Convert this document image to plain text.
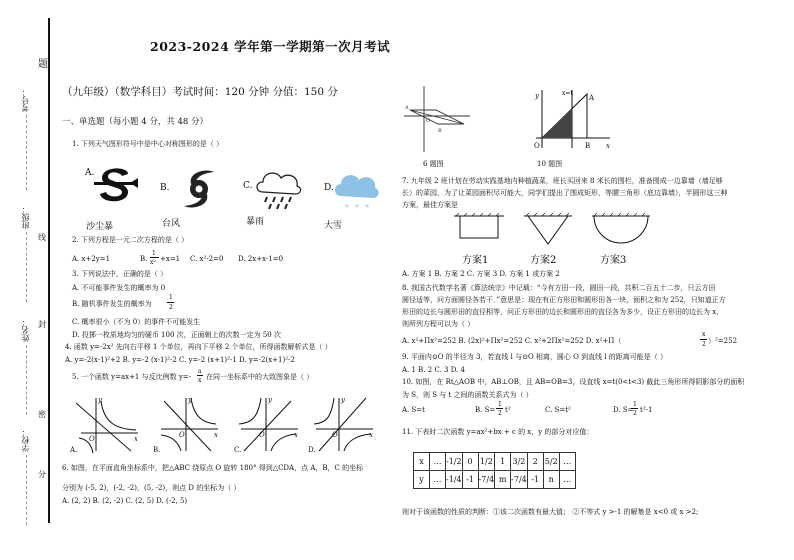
题
线
封
密
分
考号：
班级：
姓名：
学校：
2023-2024 学年第一学期第一次月考试
（九年级）（数学科目）考试时间：120 分钟 分值：150 分
一、单选题（每小题 4 分，共 48 分）
1. 下列天气图形符号中是中心对称图形的是（ ）
A.
沙尘暴
B.
台风
C.
暴雨
D.
* * *
大雪
2. 下列方程是一元二次方程的是（ ）
A. x+2y=1	B.
1
x² +x=1 C. x²-2=0 D. 2x+x-1=0
3. 下列说法中，正确的是（ ）
A. 不可能事件发生的概率为 0
B. 随机事件发生的概率为
1
2
C. 概率很小（不为 0）的事件不可能发生
D. 投掷一枚质地均匀的硬币 100 次，正面朝上的次数一定为 50 次
4. 函数 y=-2x² 先向右平移 1 个单位，再向下平移 2 个单位，所得函数解析式是（ ）
A. y=-2(x-1)²+2 B. y=-2 (x-1)²-2 C. y=-2 (x+1)²-1 D. y=-2(x+1)²-2
5. 一个函数 y=ax+1 与反比例数 y=-
a
x 在同一坐标系中的大致图象是（ ）
y
x
O
y
x
O
y
x
O
y
x
O
A.	B.	C.	D.
6. 如图，在平面直角坐标系中，把△ABC 绕原点 O 旋转 180° 得到△CDA，点 A，B，C 的坐标
分别为 (-5, 2)，(-2, -2)，(5, -2)，则点 D 的坐标为（ ）
A. (2, 2) B. (2, -2) C. (2, 5) D. (-2, 5)
A
B
O
6 题图
y
x
O	B
A
x=t
10 题图
7. 九年级 2 班计划在劳动实践基地内种植蔬菜，班长买回来 8 米长的围栏，准备围成一边靠墙（墙足够
长）的菜园，为了让菜园面积尽可能大，同学们提出了围成矩形，等腰三角形（底边靠墙），半圆形这三种
方案，最佳方案是
方案1	方案2	方案3
A. 方案 1 B. 方案 2 C. 方案 3 D. 方案 1 或方案 2
8. 我国古代数学名著《算法统宗》中记载：“今有方田一段，圆田一段，共积二百五十二步，只云方田
圆径适等，问方面圆径各若干．”意思是：现在有正方形田和圆形田各一块，面积之和为 252，只知道正方
形田的边长与圆形田的直径相等，问正方形田的边长和圆形田的直径各为多少，设正方形田的边长为 x，
则所列方程可以为（ ）
A. x²+Πx²=252 B. (2x)²+Πx²=252 C. x²+2Πx²=252 D. x²+Π（
x
2 ）²=252
9. 平面内⊙O 的半径为 3，若直线 l 与⊙O 相离，圆心 O 到直线 l 的距离可能是（ ）
A. 1 B. 2 C. 3 D. 4
10. 如图，在 Rt△AOB 中，AB⊥OB，且 AB=OB=3，设直线 x=t(0<t<3) 截此三角形所得阴影部分的面积
为 S，则 S 与 t 之间的函数关系式为（ ）
A. S=t	B. S=
1
2 t²	C. S=t²	D. S=
1
2 t²-1
11. 下表时二次函数 y=ax²+bx + c 的 x，y 的部分对应值：
x	…	-1/2	0	1/2	1	3/2	2	5/2	…
y	…	-1/4	-1	-7/4	m	-7/4	-1	n	…
则对于该函数的性质的判断：①该二次函数有最大值； ②不等式 y >-1 的解集是 x<0 或 x >2;
